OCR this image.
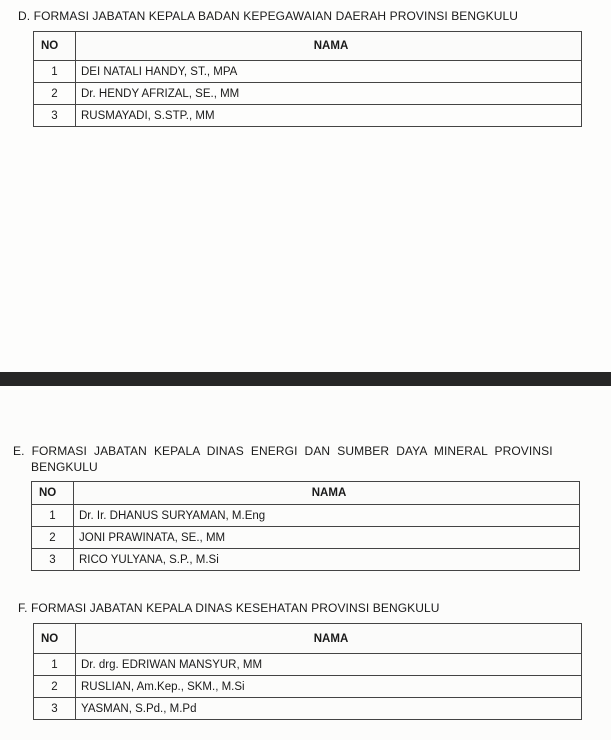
D. FORMASI JABATAN KEPALA BADAN KEPEGAWAIAN DAERAH PROVINSI BENGKULU
NO	NAMA
1	DEI NATALI HANDY, ST., MPA
2	Dr. HENDY AFRIZAL, SE., MM
3	RUSMAYADI, S.STP., MM
E. FORMASI JABATAN KEPALA DINAS ENERGI DAN SUMBER DAYA MINERAL PROVINSI
BENGKULU
NO	NAMA
1	Dr. Ir. DHANUS SURYAMAN, M.Eng
2	JONI PRAWINATA, SE., MM
3	RICO YULYANA, S.P., M.Si
F. FORMASI JABATAN KEPALA DINAS KESEHATAN PROVINSI BENGKULU
NO	NAMA
1	Dr. drg. EDRIWAN MANSYUR, MM
2	RUSLIAN, Am.Kep., SKM., M.Si
3	YASMAN, S.Pd., M.Pd
